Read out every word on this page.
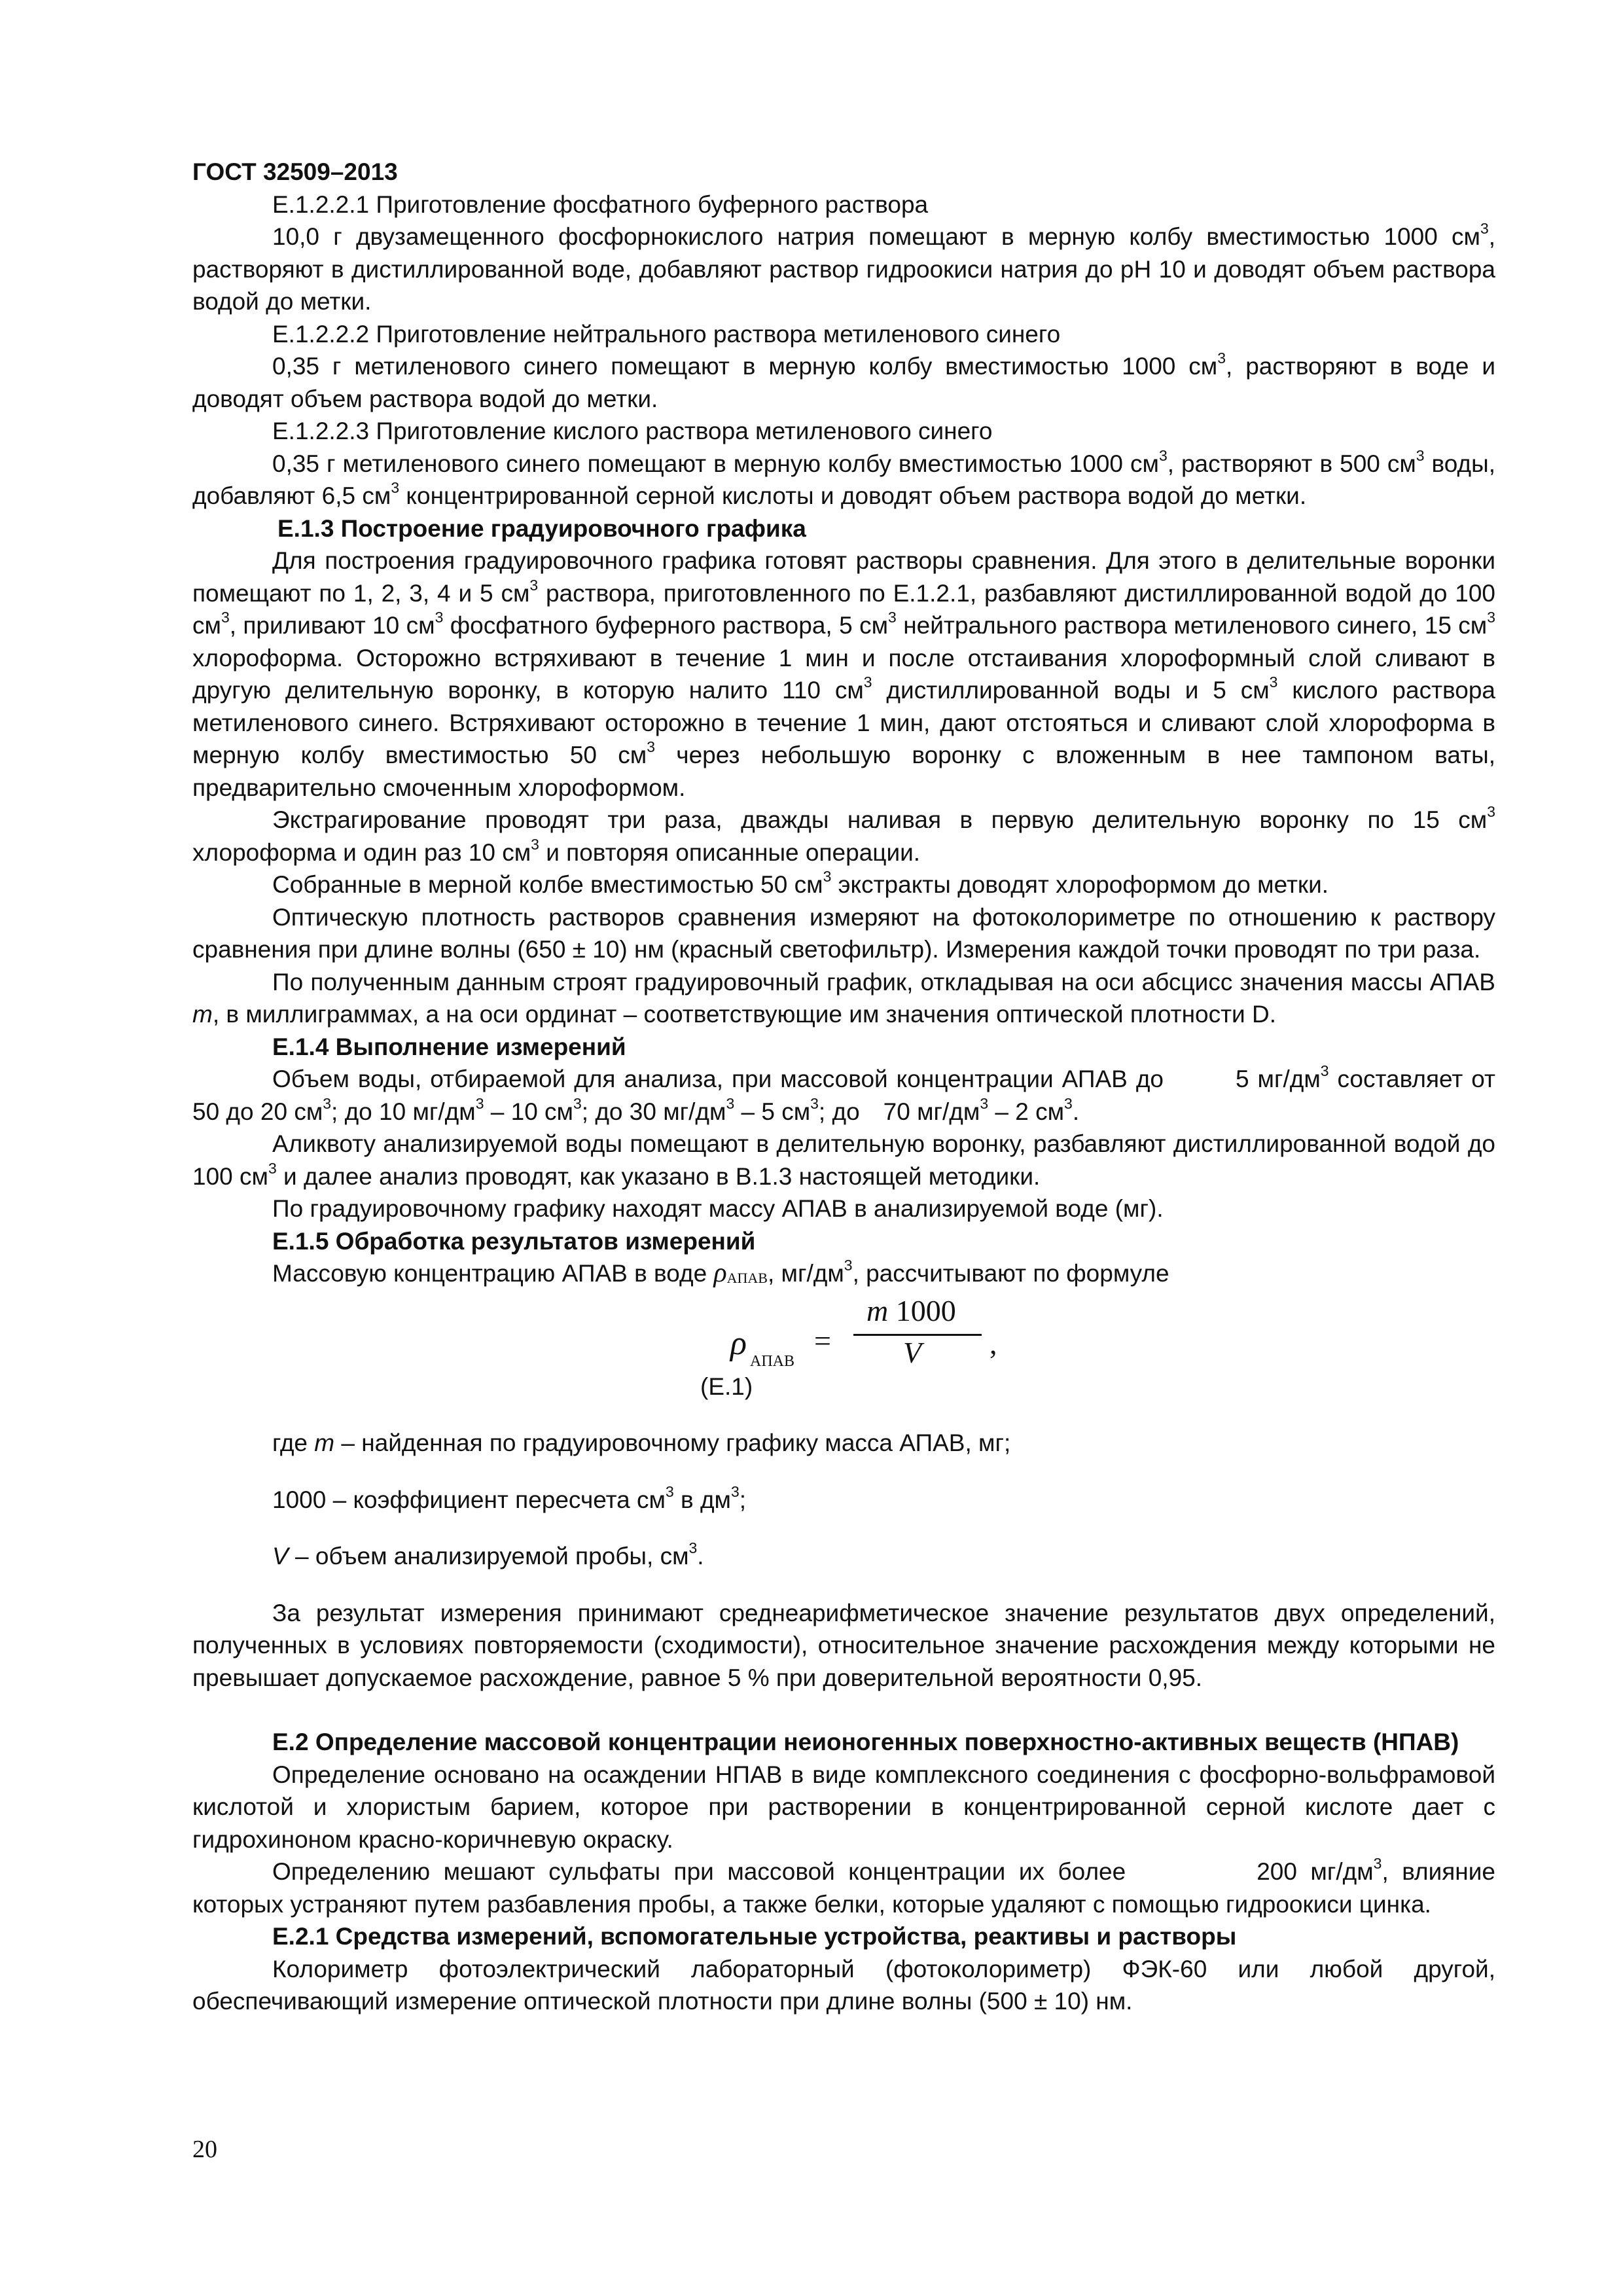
ГОСТ 32509–2013

Е.1.2.2.1 Приготовление фосфатного буферного раствора

10,0 г двузамещенного фосфорнокислого натрия помещают в мерную колбу вместимостью 1000 $см^3$, растворяют в дистиллированной воде, добавляют раствор гидроокиси натрия до pH 10 и доводят объем раствора водой до метки.

Е.1.2.2.2 Приготовление нейтрального раствора метиленового синего

0,35 г метиленового синего помещают в мерную колбу вместимостью 1000 $см^3$, растворяют в воде и доводят объем раствора водой до метки.

Е.1.2.2.3 Приготовление кислого раствора метиленового синего

0,35 г метиленового синего помещают в мерную колбу вместимостью 1000 $см^3$, растворяют в 500 $см^3$ воды, добавляют 6,5 $см^3$ концентрированной серной кислоты и доводят объем раствора водой до метки.

Е.1.3 Построение градуировочного графика

Для построения градуировочного графика готовят растворы сравнения. Для этого в делительные воронки помещают по 1, 2, 3, 4 и 5 $см^3$ раствора, приготовленного по Е.1.2.1, разбавляют дистиллированной водой до 100 $см^3$, приливают 10 $см^3$ фосфатного буферного раствора, 5 $см^3$ нейтрального раствора метиленового синего, 15 $см^3$ хлороформа. Осторожно встряхивают в течение 1 мин и после отстаивания хлороформный слой сливают в другую делительную воронку, в которую налито 110 $см^3$ дистиллированной воды и 5 $см^3$ кислого раствора метиленового синего. Встряхивают осторожно в течение 1 мин, дают отстояться и сливают слой хлороформа в мерную колбу вместимостью 50 $см^3$ через небольшую воронку с вложенным в нее тампоном ваты, предварительно смоченным хлороформом.

Экстрагирование проводят три раза, дважды наливая в первую делительную воронку по 15 $см^3$ хлороформа и один раз 10 $см^3$ и повторяя описанные операции.

Собранные в мерной колбе вместимостью 50 $см^3$ экстракты доводят хлороформом до метки.

Оптическую плотность растворов сравнения измеряют на фотоколориметре по отношению к раствору сравнения при длине волны (650 ± 10) нм (красный светофильтр). Измерения каждой точки проводят по три раза.

По полученным данным строят градуировочный график, откладывая на оси абсцисс значения массы АПАВ m, в миллиграммах, а на оси ординат – соответствующие им значения оптической плотности D.

Е.1.4 Выполнение измерений

Объем воды, отбираемой для анализа, при массовой концентрации АПАВ до	5 $мг/дм^3$ составляет от 50 до 20 $см^3$; до 10 $мг/дм^3 - 10$ $см^3$; до 30 $мг/дм^3 - 5$ $см^3$; до 70 $мг/дм^3 - 2$ $см^3$.

Аликвоту анализируемой воды помещают в делительную воронку, разбавляют дистиллированной водой до 100 $см^3$ и далее анализ проводят, как указано в В.1.3 настоящей методики.

По градуировочному графику находят массу АПАВ в анализируемой воде (мг).

Е.1.5 Обработка результатов измерений

Массовую концентрацию АПАВ в воде ρАПАВ, $мг/дм^3$, рассчитывают по формуле

ρ АПАВ
=
m 1000
V ,

(Е.1)

где m – найденная по градуировочному графику масса АПАВ, мг;

1000 – коэффициент пересчета $см^3$ в $дм^3$;

V – объем анализируемой пробы, $см^3$.

За результат измерения принимают среднеарифметическое значение результатов двух определений, полученных в условиях повторяемости (сходимости), относительное значение расхождения между которыми не превышает допускаемое расхождение, равное 5 % при доверительной вероятности 0,95.

Е.2 Определение массовой концентрации неионогенных поверхностно-активных веществ (НПАВ)

Определение основано на осаждении НПАВ в виде комплексного соединения с фосфорно-вольфрамовой кислотой и хлористым барием, которое при растворении в концентрированной серной кислоте дает с гидрохиноном красно-коричневую окраску.

Определению мешают сульфаты при массовой концентрации их более	200 $мг/дм^3$, влияние которых устраняют путем разбавления пробы, а также белки, которые удаляют с помощью гидроокиси цинка.

Е.2.1 Средства измерений, вспомогательные устройства, реактивы и растворы

Колориметр фотоэлектрический лабораторный (фотоколориметр) ФЭК-60 или любой другой, обеспечивающий измерение оптической плотности при длине волны (500 ± 10) нм.

20
